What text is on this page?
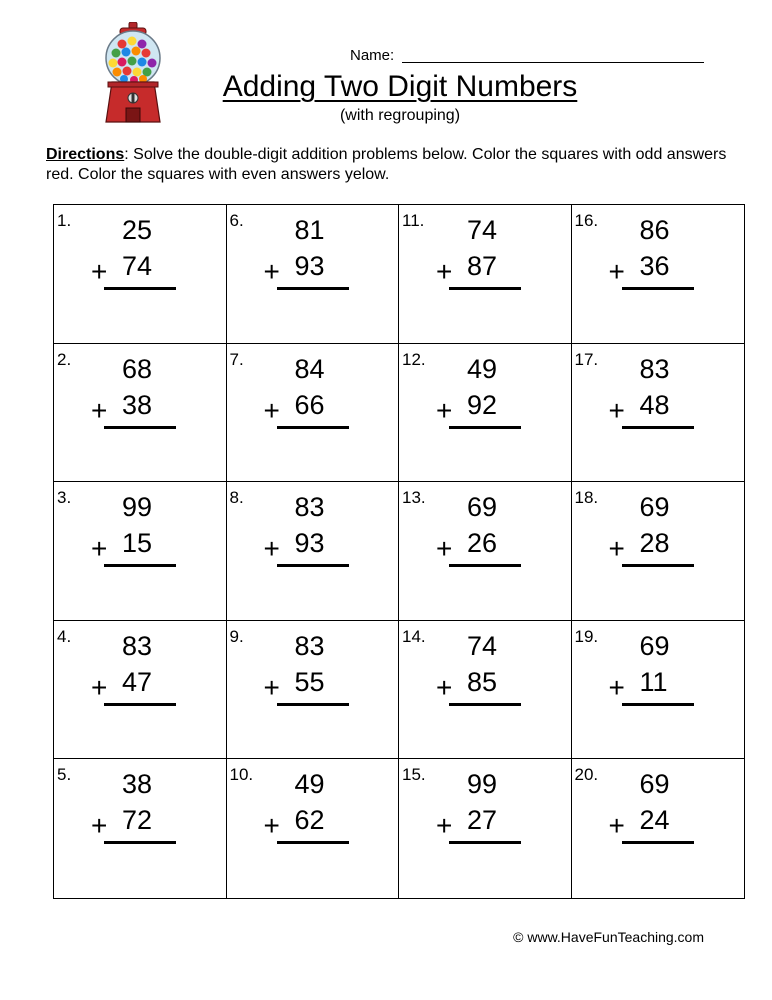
Name:
Adding Two Digit Numbers
(with regrouping)
Directions: Solve the double-digit addition problems below. Color the squares with odd answers red. Color the squares with even answers yelow.
1. 25
+ 74
6. 81
+ 93
11. 74
+ 87
16. 86
+ 36
2. 68
+ 38
7. 84
+ 66
12. 49
+ 92
17. 83
+ 48
3. 99
+ 15
8. 83
+ 93
13. 69
+ 26
18. 69
+ 28
4. 83
+ 47
9. 83
+ 55
14. 74
+ 85
19. 69
+ 11
5. 38
+ 72
10. 49
+ 62
15. 99
+ 27
20. 69
+ 24
© www.HaveFunTeaching.com
